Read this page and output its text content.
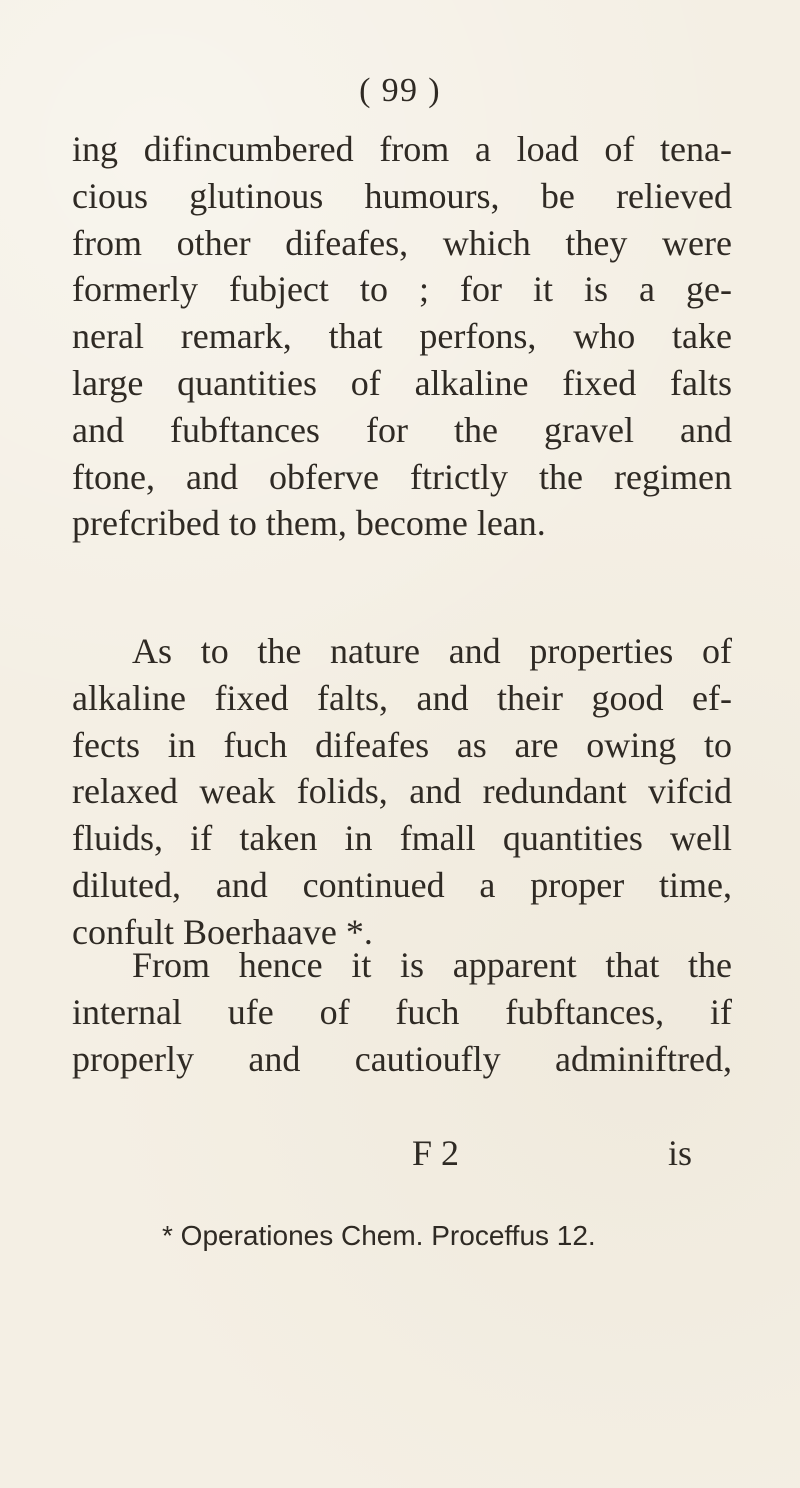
( 99 )
ing difincumbered from a load of tena-
cious glutinous humours, be relieved
from other difeafes, which they were
formerly fubject to ; for it is a ge-
neral remark, that perfons, who take
large quantities of alkaline fixed falts
and fubftances for the gravel and
ftone, and obferve ftrictly the regimen
prefcribed to them, become lean.
As to the nature and properties of
alkaline fixed falts, and their good ef-
fects in fuch difeafes as are owing to
relaxed weak folids, and redundant vifcid
fluids, if taken in fmall quantities well
diluted, and continued a proper time,
confult Boerhaave *.
From hence it is apparent that the
internal ufe of fuch fubftances, if
properly and cautioufly adminiftred,
F 2	is
* Operationes Chem. Proceffus 12.
